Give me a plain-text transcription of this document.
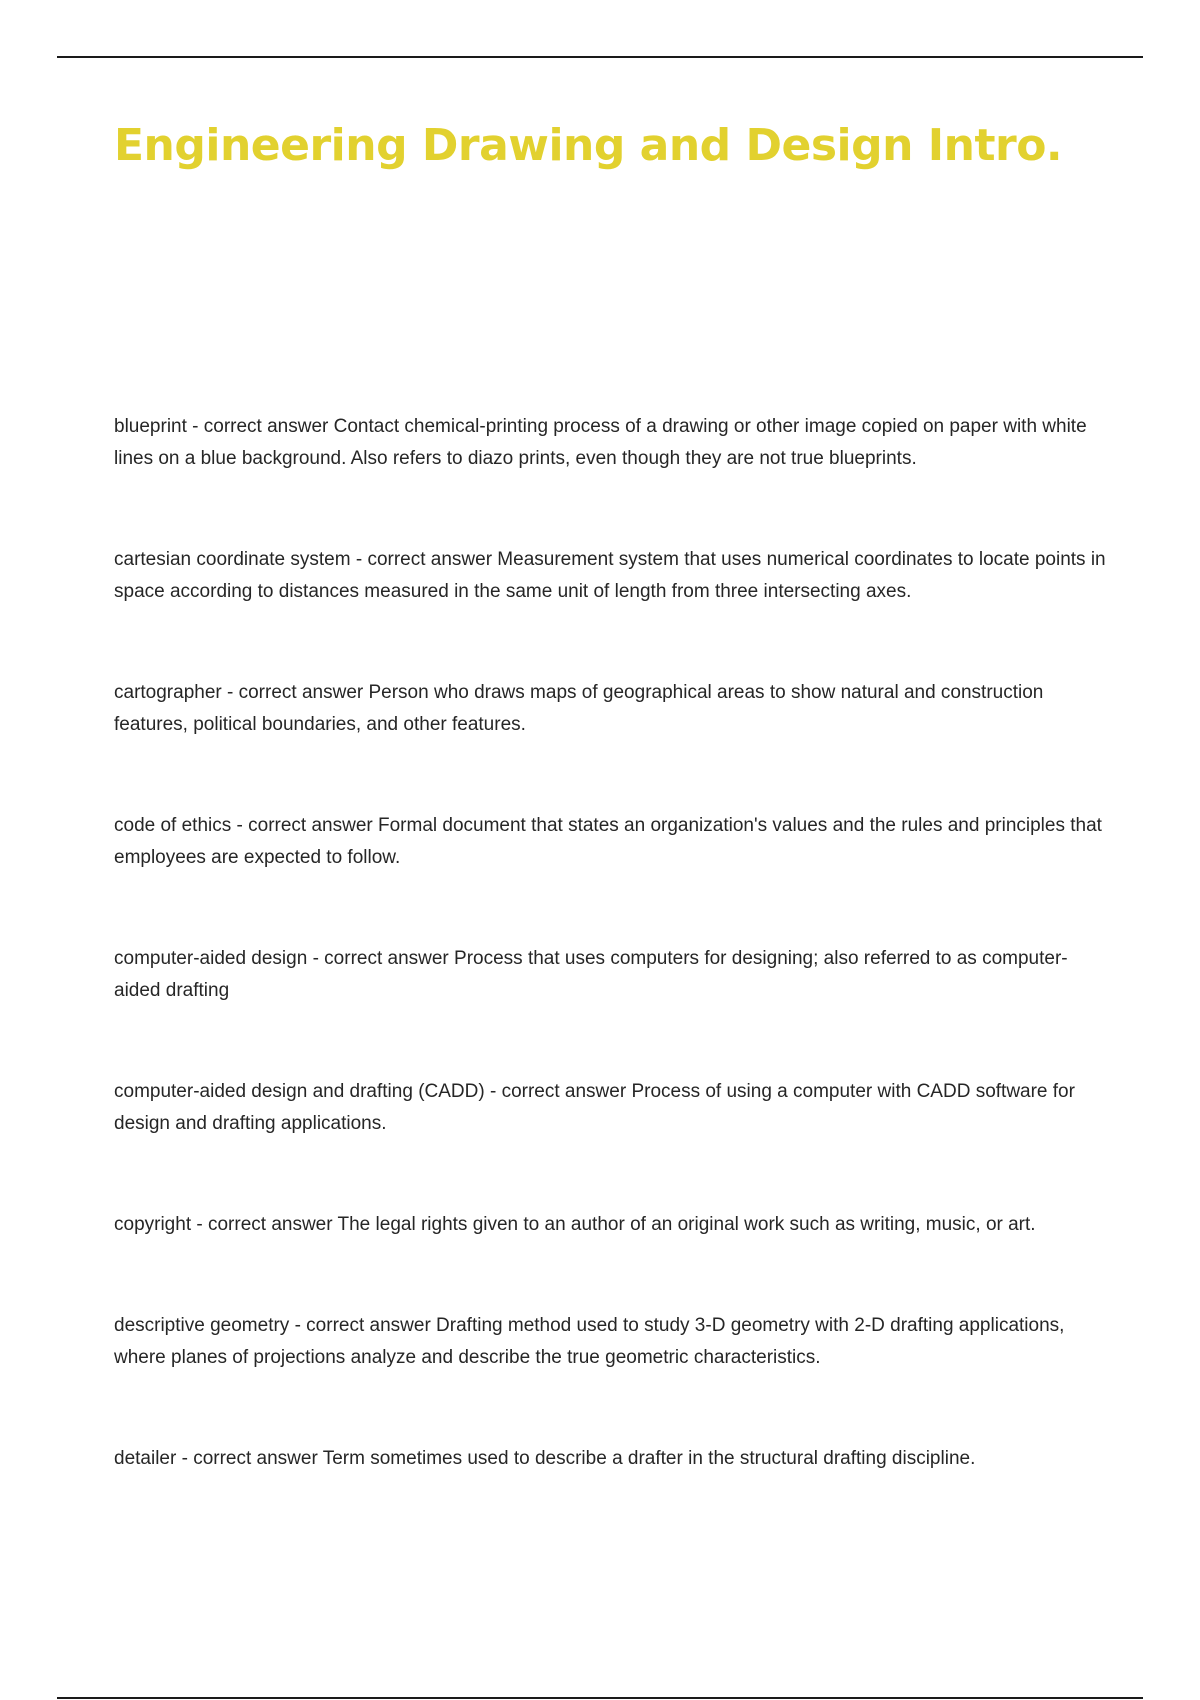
Engineering Drawing and Design Intro.
blueprint - correct answer Contact chemical-printing process of a drawing or other image copied on paper with white lines on a blue background. Also refers to diazo prints, even though they are not true blueprints.
cartesian coordinate system - correct answer Measurement system that uses numerical coordinates to locate points in space according to distances measured in the same unit of length from three intersecting axes.
cartographer - correct answer Person who draws maps of geographical areas to show natural and construction features, political boundaries, and other features.
code of ethics - correct answer Formal document that states an organization's values and the rules and principles that employees are expected to follow.
computer-aided design - correct answer Process that uses computers for designing; also referred to as computer-aided drafting
computer-aided design and drafting (CADD) - correct answer Process of using a computer with CADD software for design and drafting applications.
copyright - correct answer The legal rights given to an author of an original work such as writing, music, or art.
descriptive geometry - correct answer Drafting method used to study 3-D geometry with 2-D drafting applications, where planes of projections analyze and describe the true geometric characteristics.
detailer - correct answer Term sometimes used to describe a drafter in the structural drafting discipline.
